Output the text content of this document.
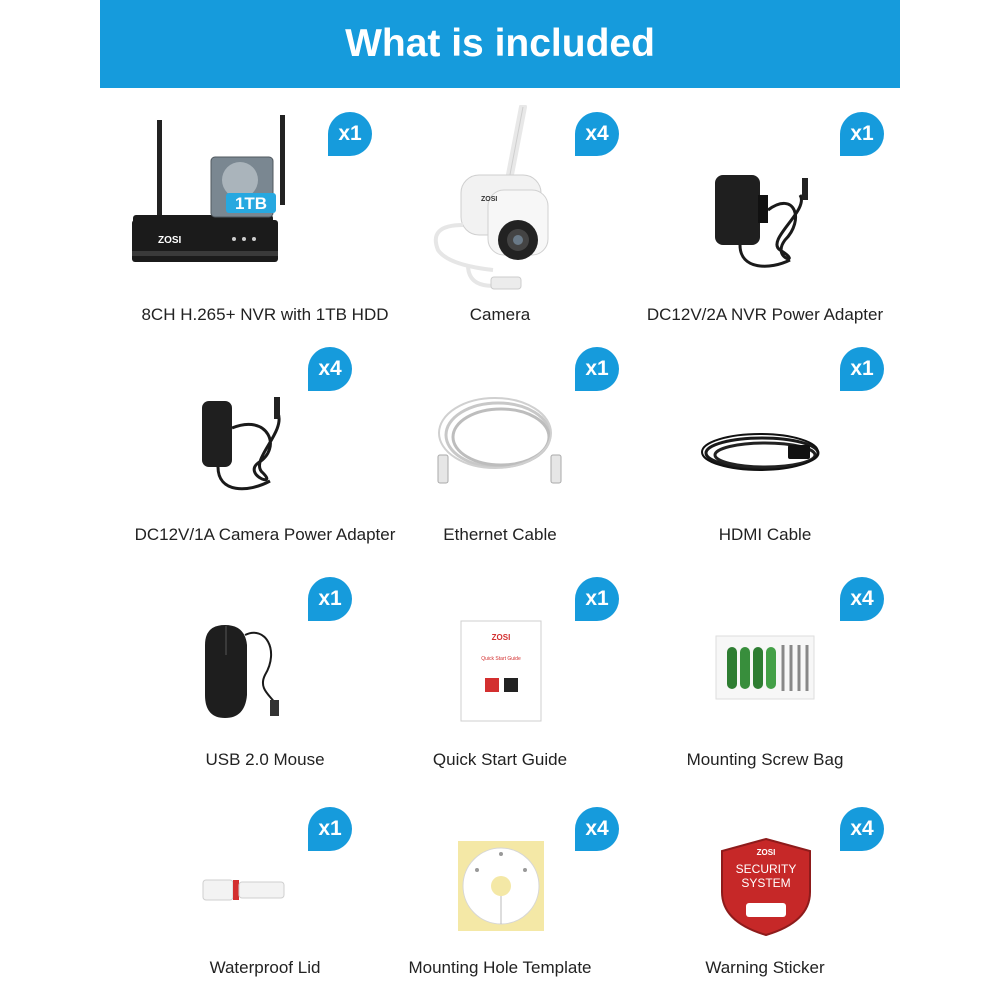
What is included
x1
1TB
ZOSI
8CH H.265+ NVR with 1TB HDD
x4
ZOSI
Camera
x1
DC12V/2A NVR Power Adapter
x4
DC12V/1A Camera Power Adapter
x1
Ethernet Cable
x1
HDMI Cable
x1
USB 2.0 Mouse
x1
ZOSI
Quick Start Guide
Quick Start Guide
x4
Mounting Screw Bag
x1
Waterproof Lid
x4
Mounting Hole Template
x4
ZOSI
SECURITY
SYSTEM
Warning Sticker
